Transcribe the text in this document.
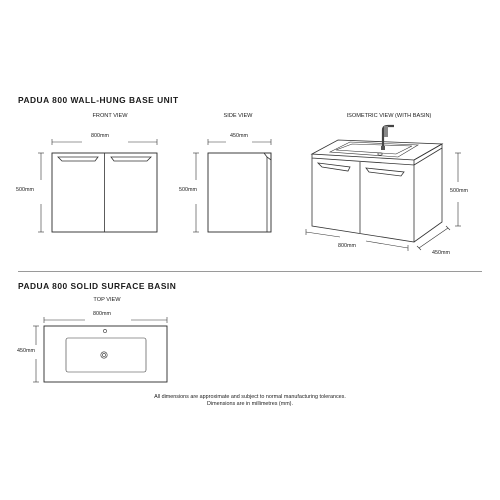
PADUA 800 WALL-HUNG BASE UNIT
FRONT VIEW
800mm
500mm
SIDE VIEW
450mm
500mm
ISOMETRIC VIEW (WITH BASIN)
800mm
450mm
500mm
PADUA 800 SOLID SURFACE BASIN
TOP VIEW
800mm
450mm
All dimensions are approximate and subject to normal manufacturing tolerances.
Dimensions are in millimetres (mm).
